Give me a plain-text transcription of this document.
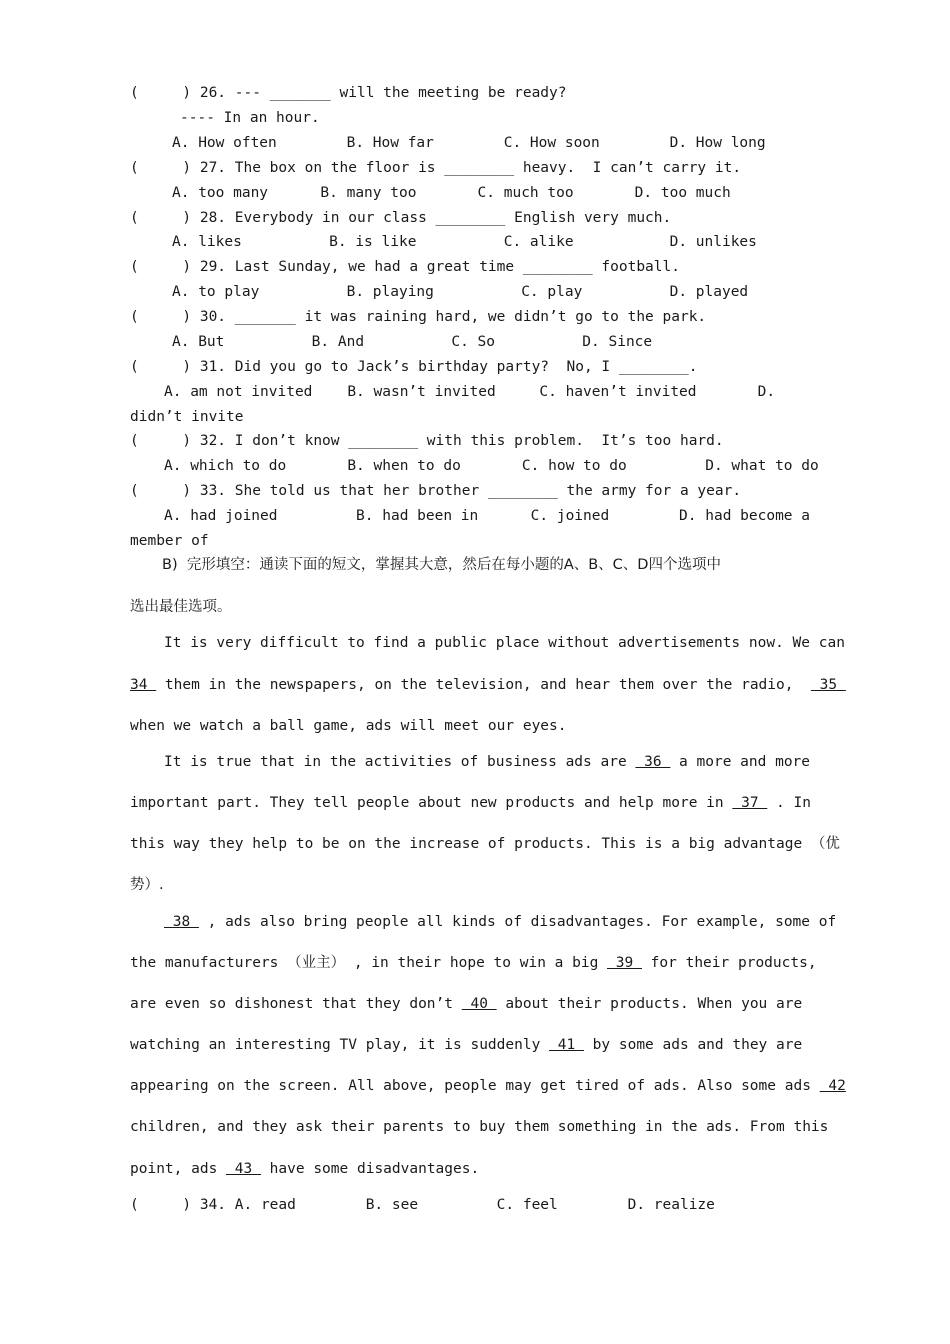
(     ) 26. --- _______ will the meeting be ready?
---- In an hour.
A. How often        B. How far        C. How soon        D. How long
(     ) 27. The box on the floor is ________ heavy.  I can’t carry it.
A. too many      B. many too       C. much too       D. too much
(     ) 28. Everybody in our class ________ English very much.
A. likes          B. is like          C. alike           D. unlikes
(     ) 29. Last Sunday, we had a great time ________ football.
A. to play          B. playing          C. play          D. played
(     ) 30. _______ it was raining hard, we didn’t go to the park.
A. But          B. And          C. So          D. Since
(     ) 31. Did you go to Jack’s birthday party?  No, I ________.
A. am not invited    B. wasn’t invited     C. haven’t invited       D.
didn’t invite
(     ) 32. I don’t know ________ with this problem.  It’s too hard.
A. which to do       B. when to do       C. how to do         D. what to do
(     ) 33. She told us that her brother ________ the army for a year.
A. had joined         B. had been in      C. joined        D. had become a
member of
B)  完形填空：通读下面的短文，掌握其大意，然后在每小题的A、B、C、D四个选项中
选出最佳选项。
It is very difficult to find a public place without advertisements now. We can
34  them in the newspapers, on the television, and hear them over the radio,   35
when we watch a ball game, ads will meet our eyes.
It is true that in the activities of business ads are  36  a more and more
important part. They tell people about new products and help more in  37  . In
this way they help to be on the increase of products. This is a big advantage （优
势）.
38  , ads also bring people all kinds of disadvantages. For example, some of
the manufacturers （业主） , in their hope to win a big  39  for their products,
are even so dishonest that they don’t  40  about their products. When you are
watching an interesting TV play, it is suddenly  41  by some ads and they are
appearing on the screen. All above, people may get tired of ads. Also some ads  42
children, and they ask their parents to buy them something in the ads. From this
point, ads  43  have some disadvantages.
(     ) 34. A. read        B. see         C. feel        D. realize
